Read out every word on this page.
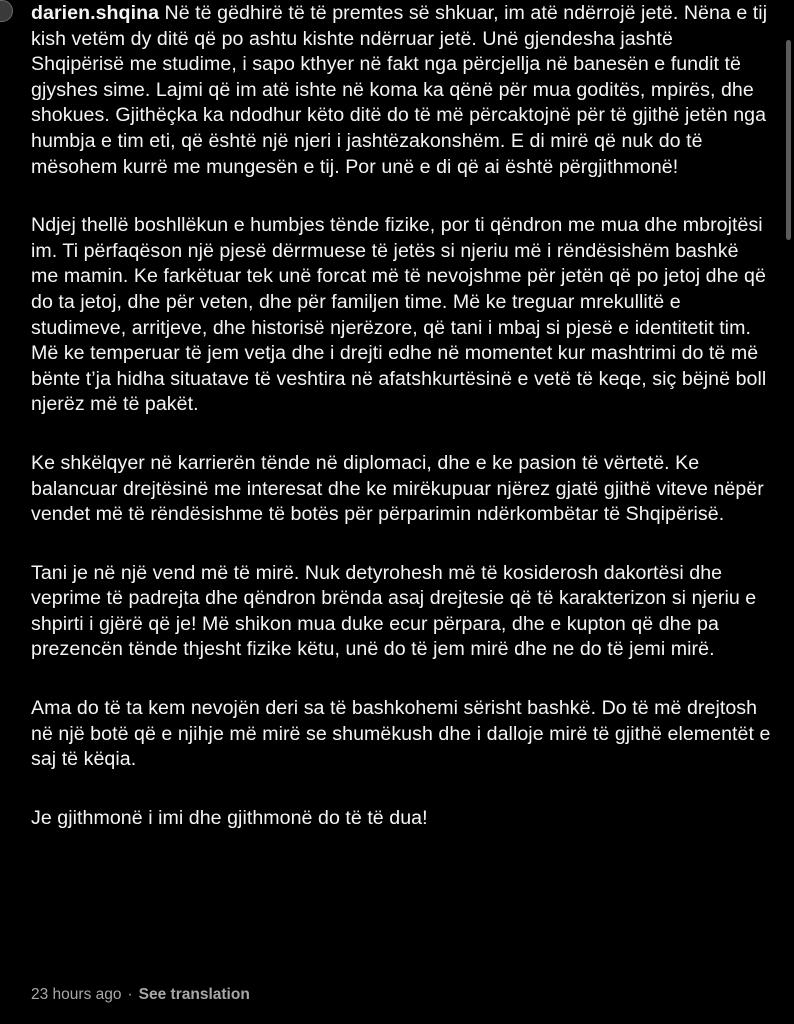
darien.shqina Në të gëdhirë të të premtes së shkuar, im atë ndërrojë jetë. Nëna e tij kish vetëm dy ditë që po ashtu kishte ndërruar jetë. Unë gjendesha jashtë Shqipërisë me studime, i sapo kthyer në fakt nga përcjellja në banesën e fundit të gjyshes sime. Lajmi që im atë ishte në koma ka qënë për mua goditës, mpirës, dhe shokues. Gjithëçka ka ndodhur këto ditë do të më përcaktojnë për të gjithë jetën nga humbja e tim eti, që është një njeri i jashtëzakonshëm. E di mirë që nuk do të mësohem kurrë me mungesën e tij. Por unë e di që ai është përgjithmonë!

Ndjej thellë boshllëkun e humbjes tënde fizike, por ti qëndron me mua dhe mbrojtësi im. Ti përfaqëson një pjesë dërrmuese të jetës si njeriu më i rëndësishëm bashkë me mamin. Ke farkëtuar tek unë forcat më të nevojshme për jetën që po jetoj dhe që do ta jetoj, dhe për veten, dhe për familjen time. Më ke treguar mrekullitë e studimeve, arritjeve, dhe historisë njerëzore, që tani i mbaj si pjesë e identitetit tim. Më ke temperuar të jem vetja dhe i drejti edhe në momentet kur mashtrimi do të më bënte t’ja hidha situatave të veshtira në afatshkurtësinë e vetë të keqe, siç bëjnë boll njerëz më të pakët.

Ke shkëlqyer në karrierën tënde në diplomaci, dhe e ke pasion të vërtetë. Ke balancuar drejtësinë me interesat dhe ke mirëkupuar njërez gjatë gjithë viteve nëpër vendet më të rëndësishme të botës për përparimin ndërkombëtar të Shqipërisë.

Tani je në një vend më të mirë. Nuk detyrohesh më të kosiderosh dakortësi dhe veprime të padrejta dhe qëndron brënda asaj drejtesie që të karakterizon si njeriu e shpirti i gjërë që je! Më shikon mua duke ecur përpara, dhe e kupton që dhe pa prezencën tënde thjesht fizike këtu, unë do të jem mirë dhe ne do të jemi mirë.

Ama do të ta kem nevojën deri sa të bashkohemi sërisht bashkë. Do të më drejtosh në një botë që e njihje më mirë se shumëkush dhe i dalloje mirë të gjithë elementët e saj të këqia.

Je gjithmonë i imi dhe gjithmonë do të të dua!

23 hours ago · See translation
